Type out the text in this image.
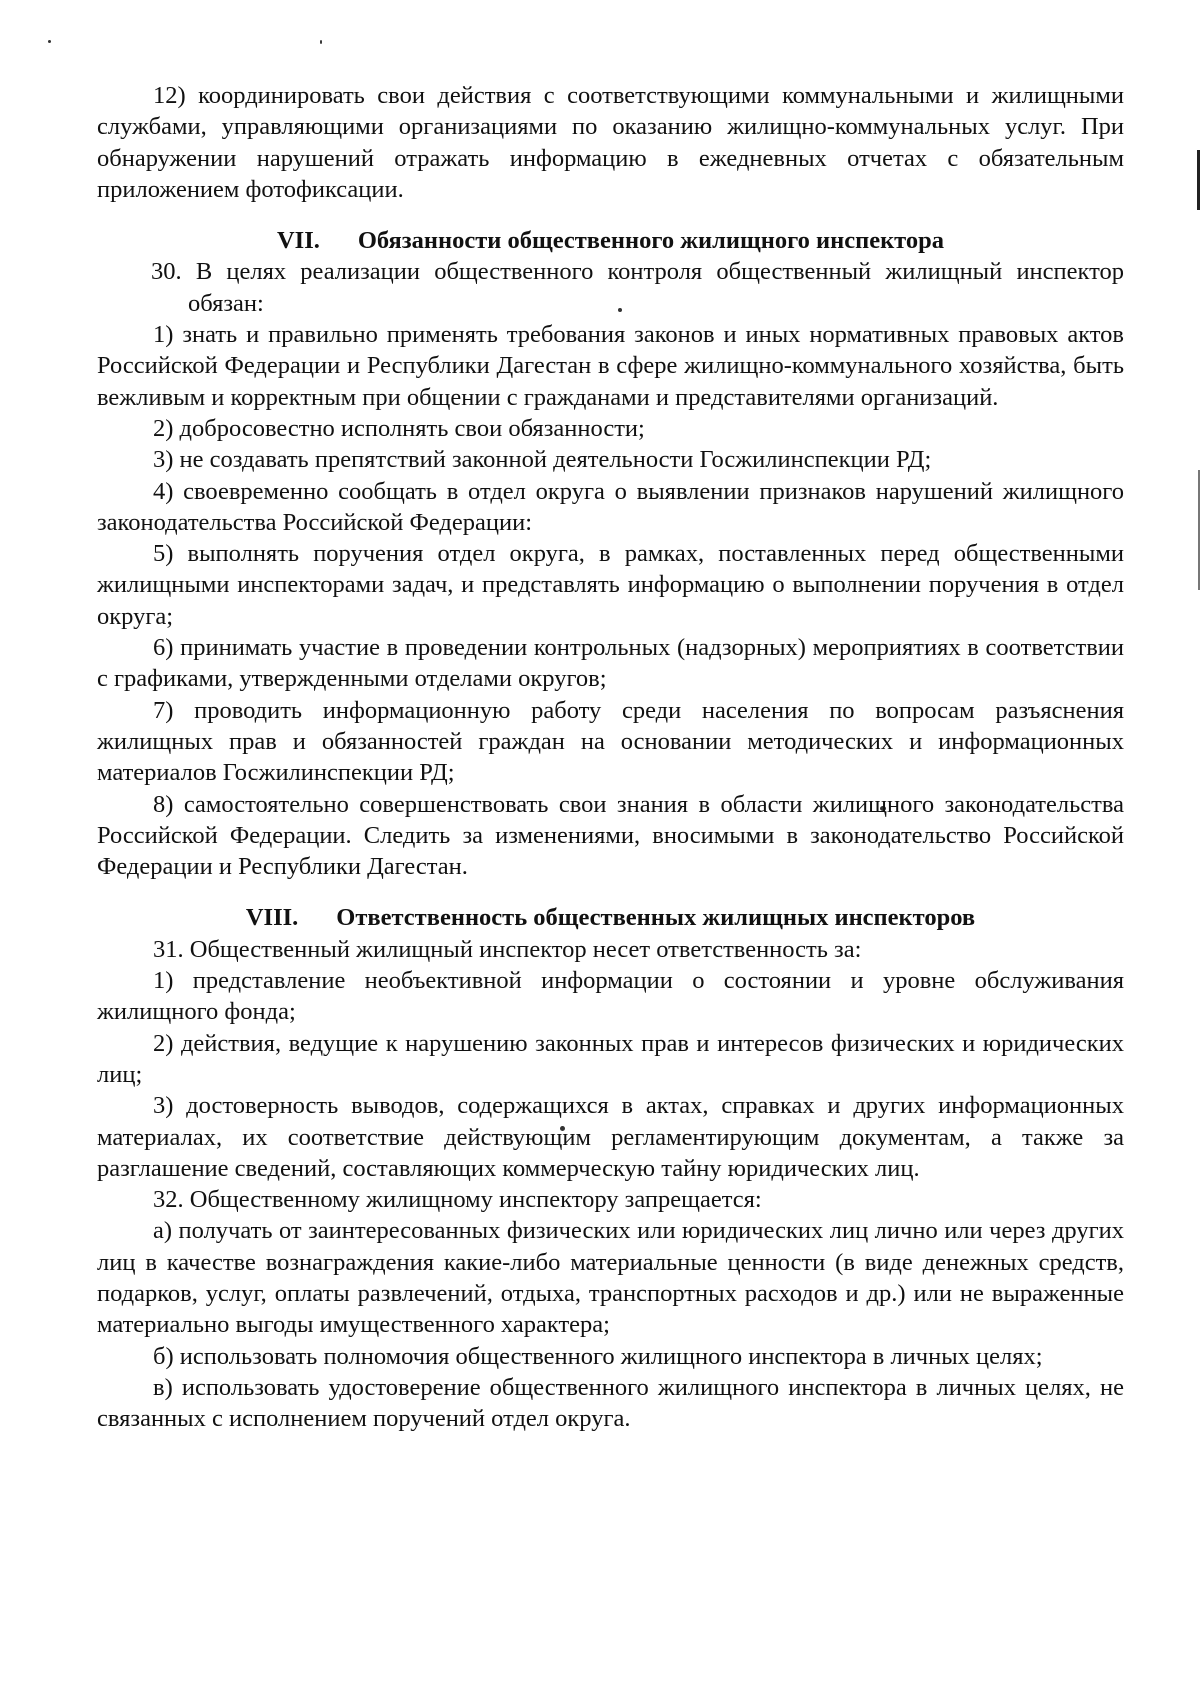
12) координировать свои действия с соответствующими коммунальными и жилищными службами, управляющими организациями по оказанию жилищно-коммунальных услуг. При обнаружении нарушений отражать информацию в ежедневных отчетах с обязательным приложением фотофиксации.

VII. Обязанности общественного жилищного инспектора

30. В целях реализации общественного контроля общественный жилищный инспектор обязан:

1) знать и правильно применять требования законов и иных нормативных правовых актов Российской Федерации и Республики Дагестан в сфере жилищно-коммунального хозяйства, быть вежливым и корректным при общении с гражданами и представителями организаций.

2) добросовестно исполнять свои обязанности;

3) не создавать препятствий законной деятельности Госжилинспекции РД;

4) своевременно сообщать в отдел округа о выявлении признаков нарушений жилищного законодательства Российской Федерации:

5) выполнять поручения отдел округа, в рамках, поставленных перед общественными жилищными инспекторами задач, и представлять информацию о выполнении поручения в отдел округа;

6) принимать участие в проведении контрольных (надзорных) мероприятиях в соответствии с графиками, утвержденными отделами округов;

7) проводить информационную работу среди населения по вопросам разъяснения жилищных прав и обязанностей граждан на основании методических и информационных материалов Госжилинспекции РД;

8) самостоятельно совершенствовать свои знания в области жилищного законодательства Российской Федерации. Следить за изменениями, вносимыми в законодательство Российской Федерации и Республики Дагестан.

VIII. Ответственность общественных жилищных инспекторов

31. Общественный жилищный инспектор несет ответственность за:

1) представление необъективной информации о состоянии и уровне обслуживания жилищного фонда;

2) действия, ведущие к нарушению законных прав и интересов физических и юридических лиц;

3) достоверность выводов, содержащихся в актах, справках и других информационных материалах, их соответствие действующим регламентирующим документам, а также за разглашение сведений, составляющих коммерческую тайну юридических лиц.

32. Общественному жилищному инспектору запрещается:

а) получать от заинтересованных физических или юридических лиц лично или через других лиц в качестве вознаграждения какие-либо материальные ценности (в виде денежных средств, подарков, услуг, оплаты развлечений, отдыха, транспортных расходов и др.) или не выраженные материально выгоды имущественного характера;

б) использовать полномочия общественного жилищного инспектора в личных целях;

в) использовать удостоверение общественного жилищного инспектора в личных целях, не связанных с исполнением поручений отдел округа.
